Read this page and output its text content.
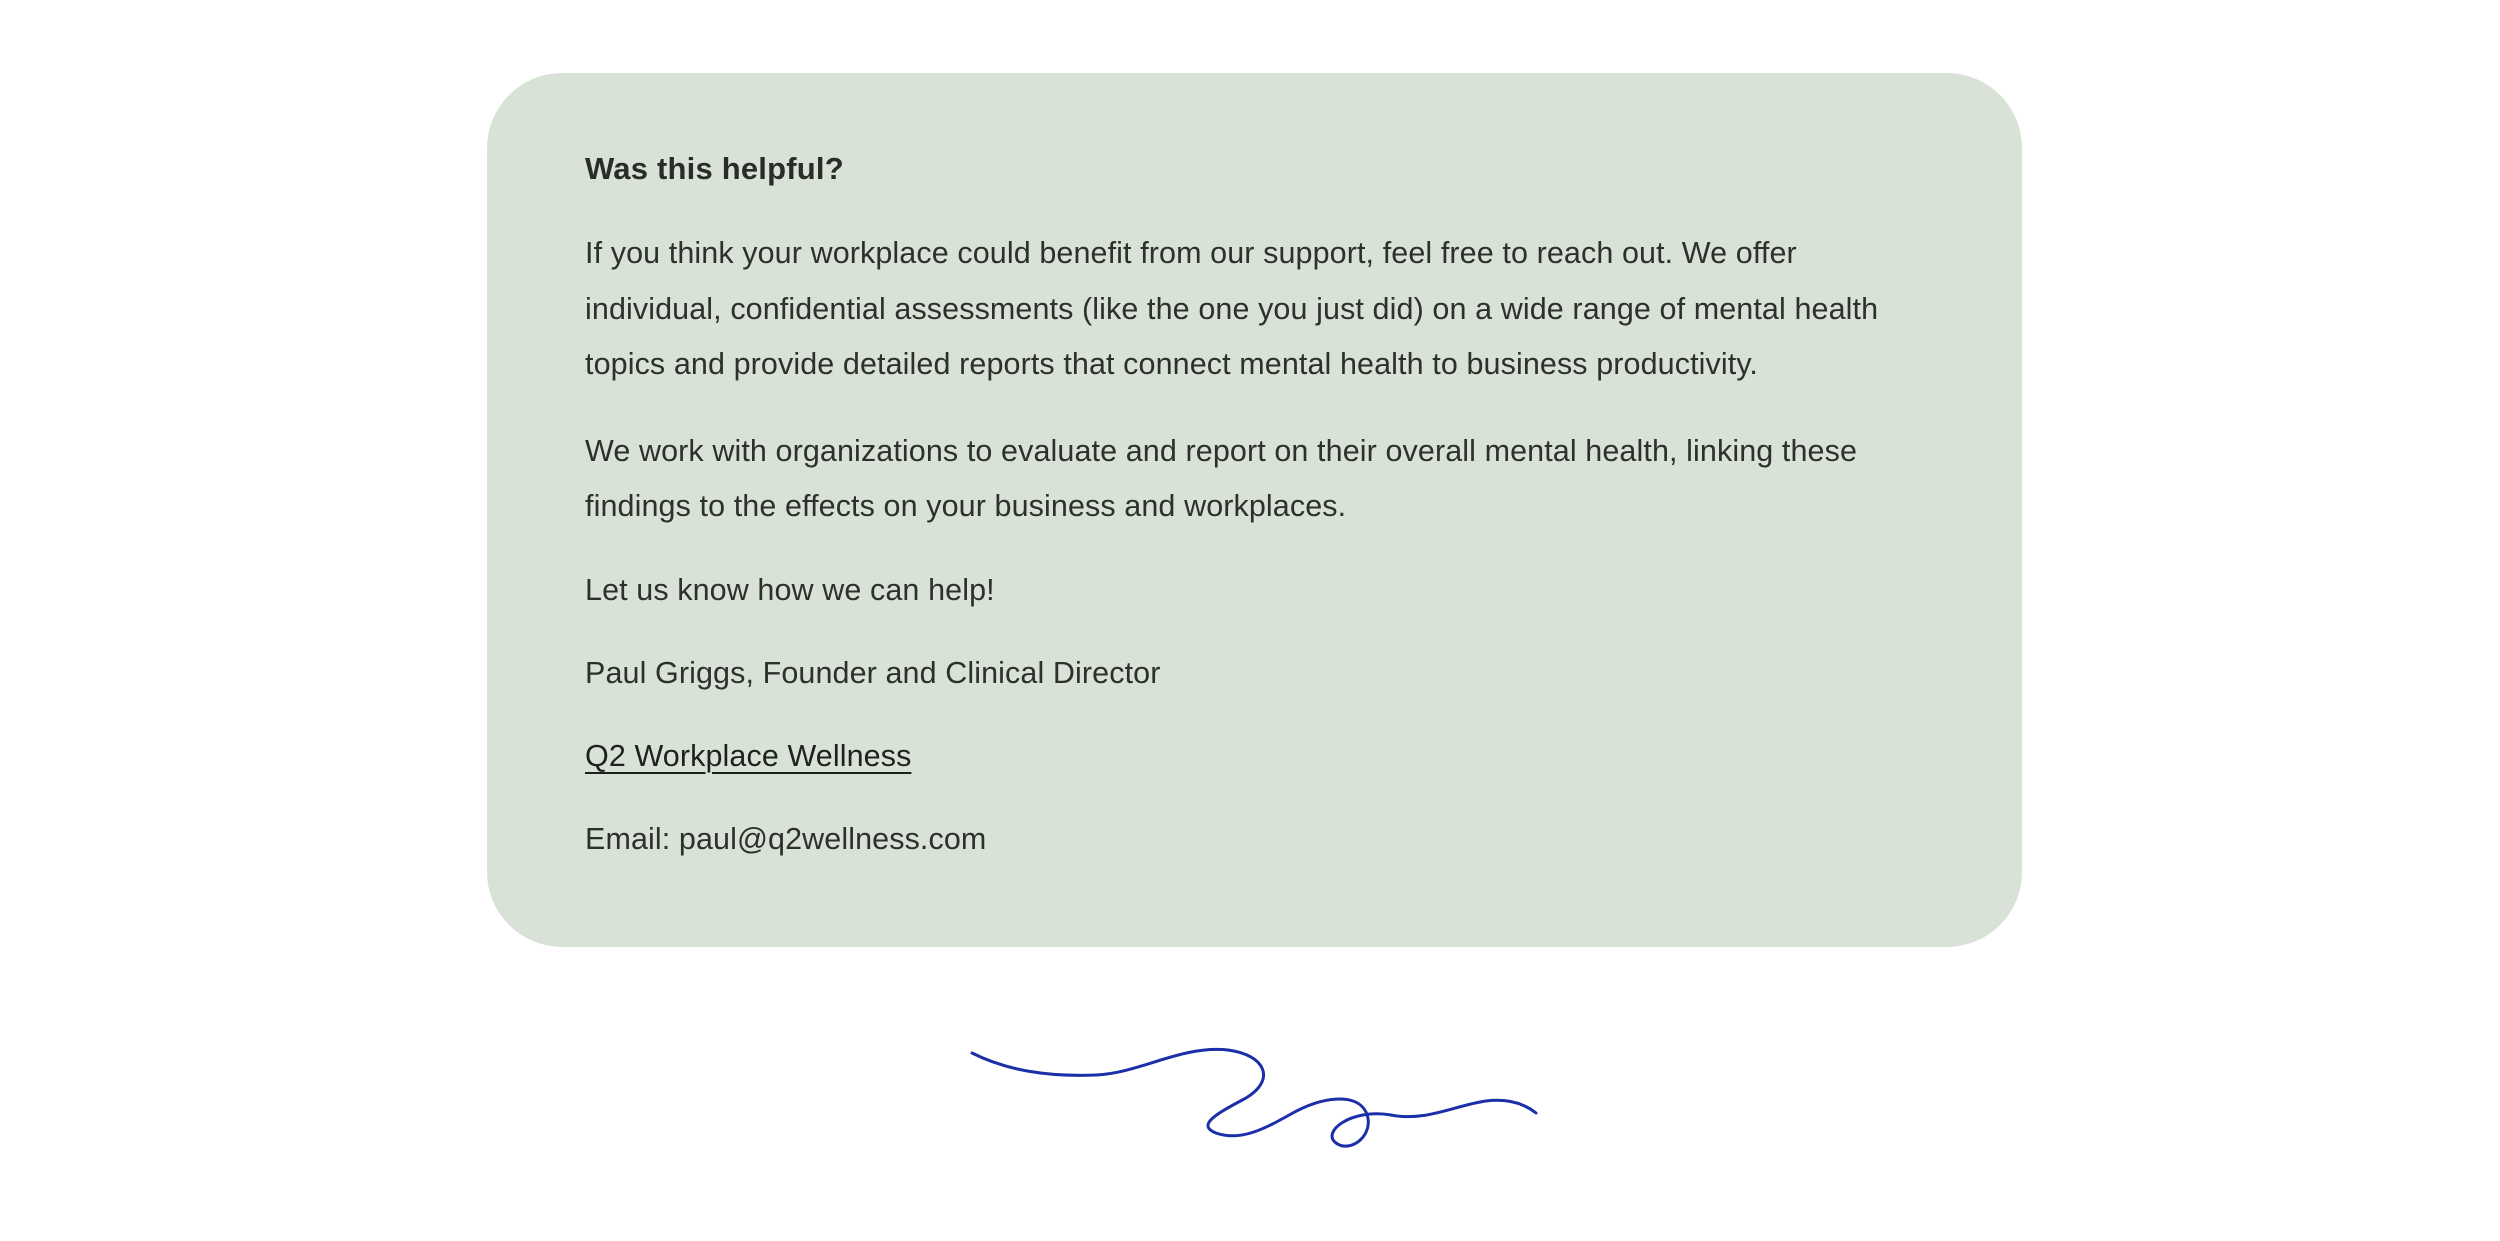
Was this helpful?

If you think your workplace could benefit from our support, feel free to reach out. We offer individual, confidential assessments (like the one you just did) on a wide range of mental health topics and provide detailed reports that connect mental health to business productivity.

We work with organizations to evaluate and report on their overall mental health, linking these findings to the effects on your business and workplaces.

Let us know how we can help!

Paul Griggs, Founder and Clinical Director

Q2 Workplace Wellness

Email: paul@q2wellness.com
